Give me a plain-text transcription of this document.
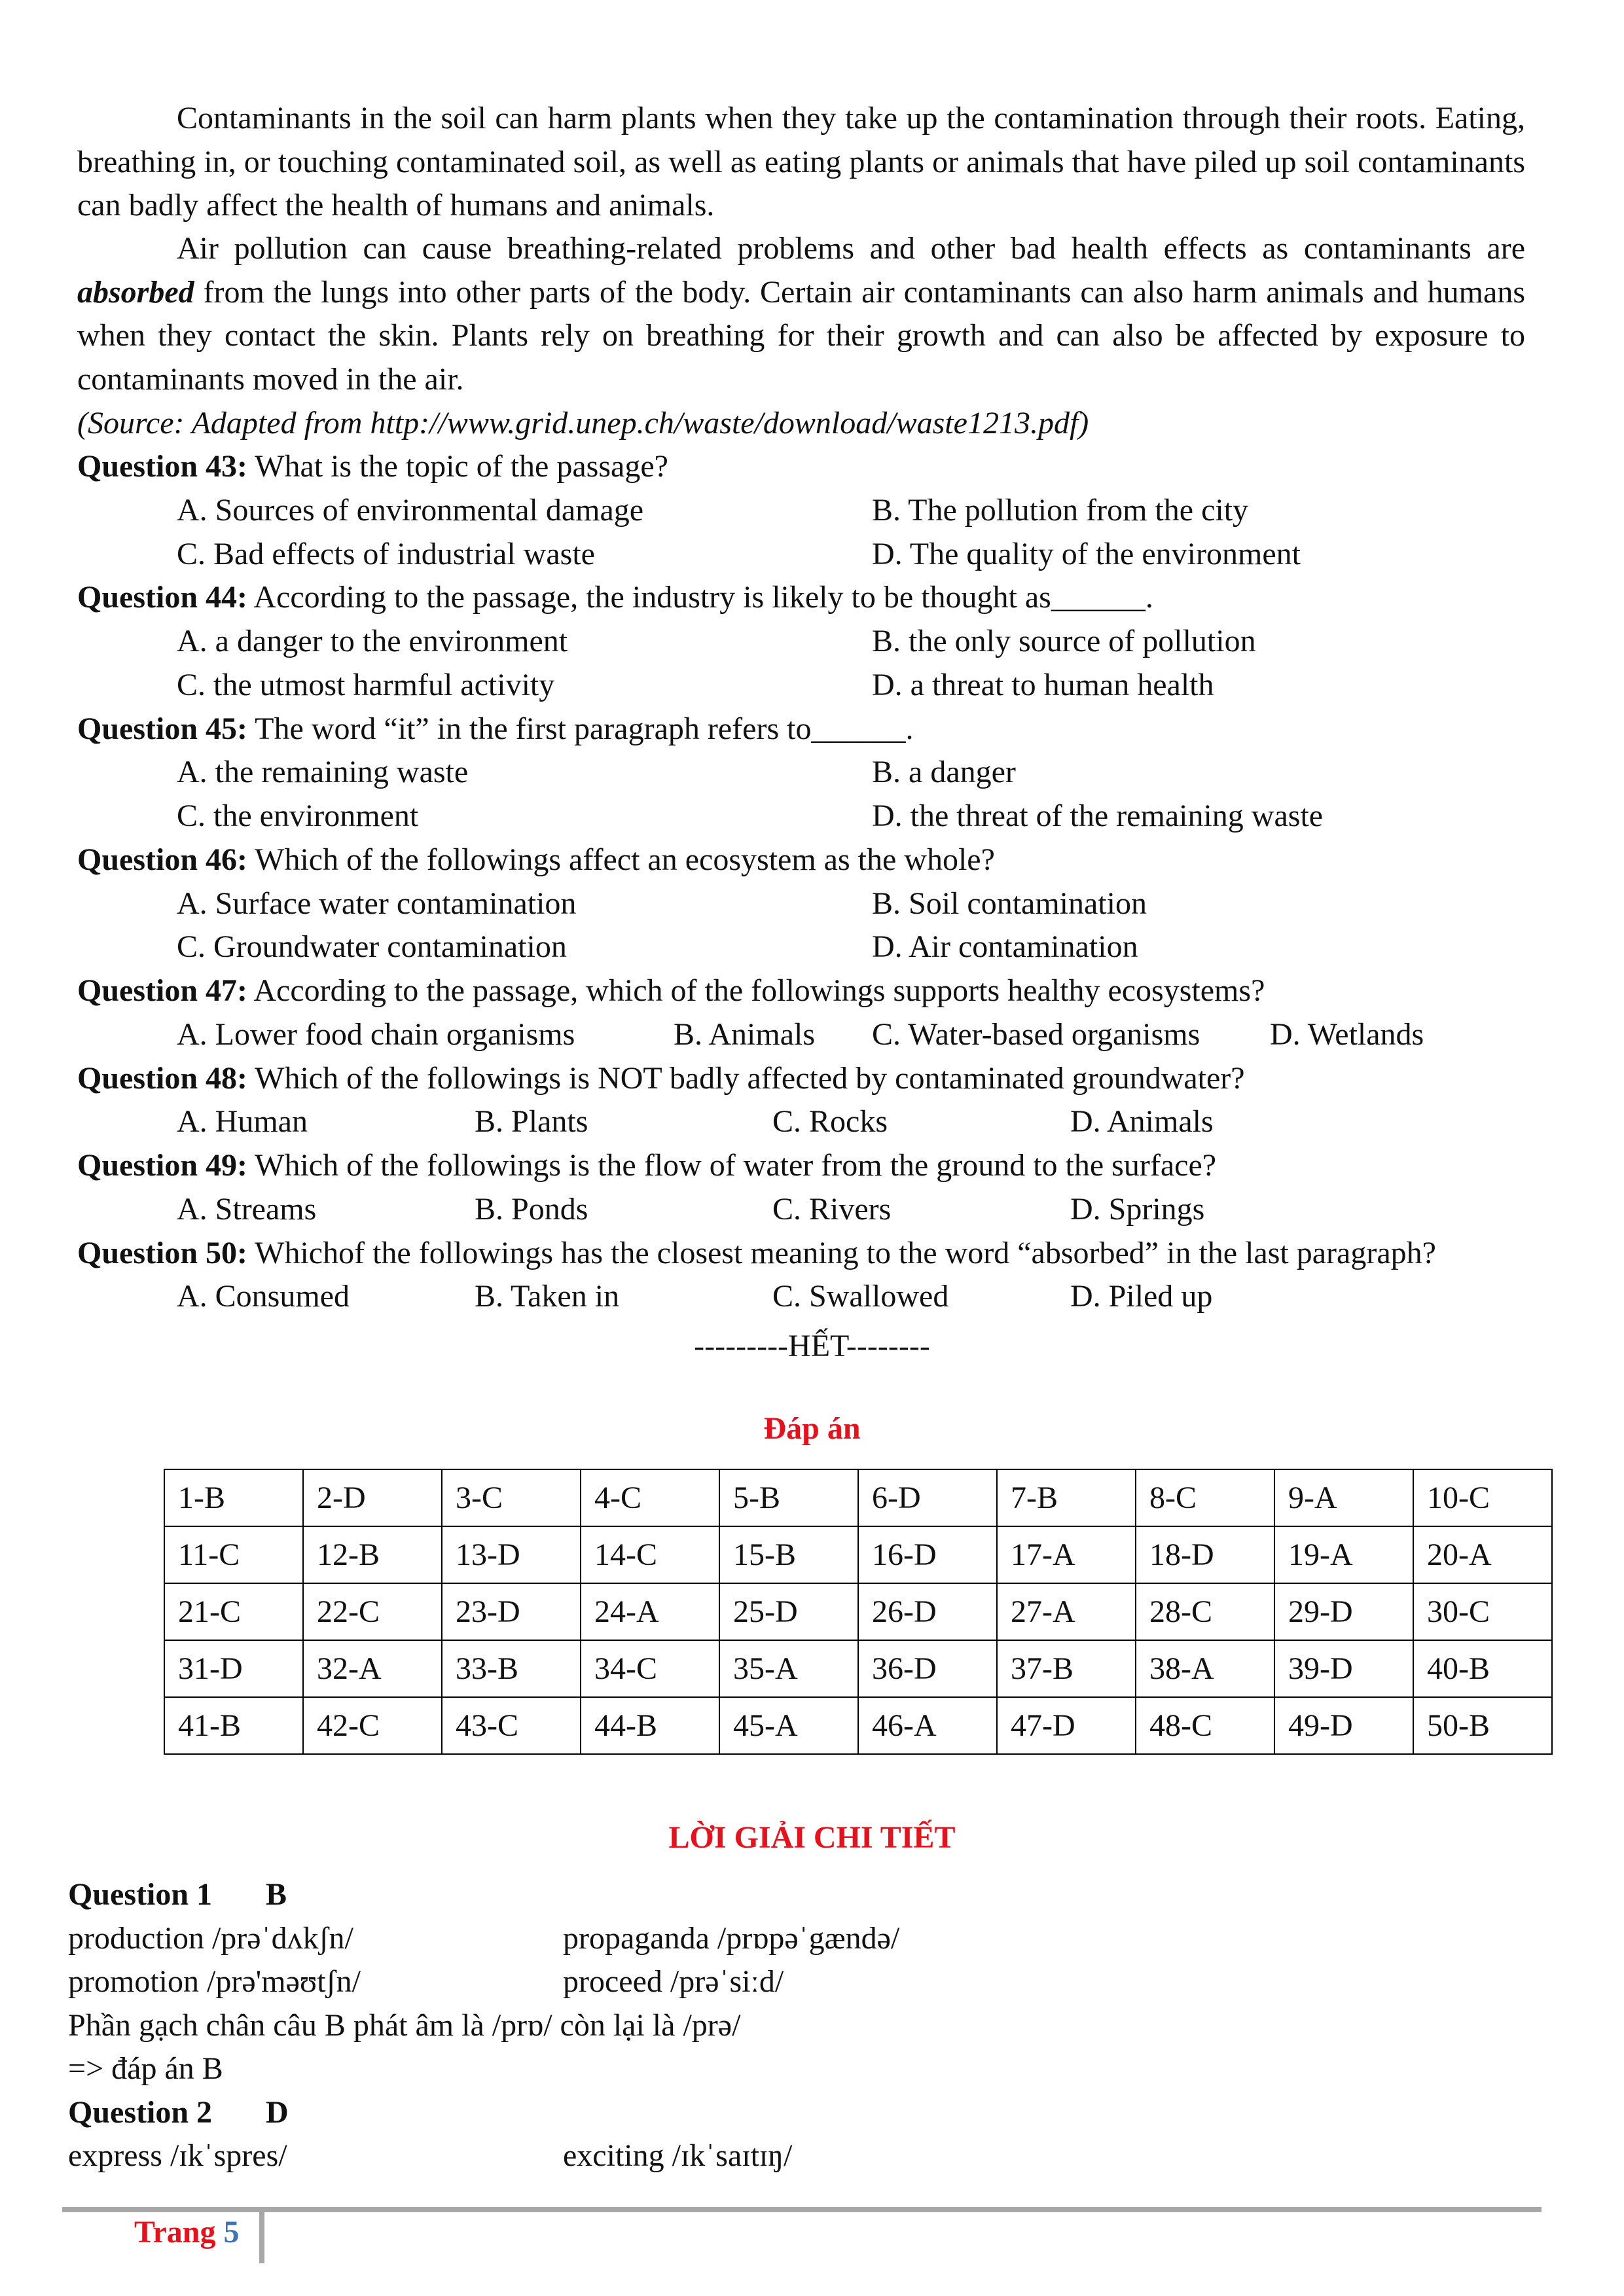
Contaminants in the soil can harm plants when they take up the contamination through their roots. Eating, breathing in, or touching contaminated soil, as well as eating plants or animals that have piled up soil contaminants can badly affect the health of humans and animals.

Air pollution can cause breathing-related problems and other bad health effects as contaminants are absorbed from the lungs into other parts of the body. Certain air contaminants can also harm animals and humans when they contact the skin. Plants rely on breathing for their growth and can also be affected by exposure to contaminants moved in the air.

(Source: Adapted from http://www.grid.unep.ch/waste/download/waste1213.pdf)

Question 43: What is the topic of the passage?
A. Sources of environmental damage	B. The pollution from the city
C. Bad effects of industrial waste	D. The quality of the environment
Question 44: According to the passage, the industry is likely to be thought as______.
A. a danger to the environment	B. the only source of pollution
C. the utmost harmful activity	D. a threat to human health
Question 45: The word “it” in the first paragraph refers to______.
A. the remaining waste	B. a danger
C. the environment	D. the threat of the remaining waste
Question 46: Which of the followings affect an ecosystem as the whole?
A. Surface water contamination	B. Soil contamination
C. Groundwater contamination	D. Air contamination
Question 47: According to the passage, which of the followings supports healthy ecosystems?
A. Lower food chain organisms	B. Animals C. Water-based organisms D. Wetlands
Question 48: Which of the followings is NOT badly affected by contaminated groundwater?
A. Human	B. Plants	C. Rocks	D. Animals
Question 49: Which of the followings is the flow of water from the ground to the surface?
A. Streams	B. Ponds	C. Rivers	D. Springs
Question 50: Whichof the followings has the closest meaning to the word “absorbed” in the last paragraph?
A. Consumed	B. Taken in	C. Swallowed	D. Piled up
---------HẾT--------
Đáp án
1-B	2-D	3-C	4-C	5-B	6-D	7-B	8-C	9-A	10-C
11-C	12-B	13-D	14-C	15-B	16-D	17-A	18-D	19-A	20-A
21-C	22-C	23-D	24-A	25-D	26-D	27-A	28-C	29-D	30-C
31-D	32-A	33-B	34-C	35-A	36-D	37-B	38-A	39-D	40-B
41-B	42-C	43-C	44-B	45-A	46-A	47-D	48-C	49-D	50-B
LỜI GIẢI CHI TIẾT
Question 1 B
production /prəˈdʌkʃn/	propaganda /prɒpəˈgændə/
promotion /prə'məʊtʃn/	proceed /prəˈsiːd/
Phần gạch chân câu B phát âm là /prɒ/ còn lại là /prə/
=> đáp án B
Question 2 D
express /ɪkˈspres/	exciting /ɪkˈsaɪtɪŋ/
Trang 5
